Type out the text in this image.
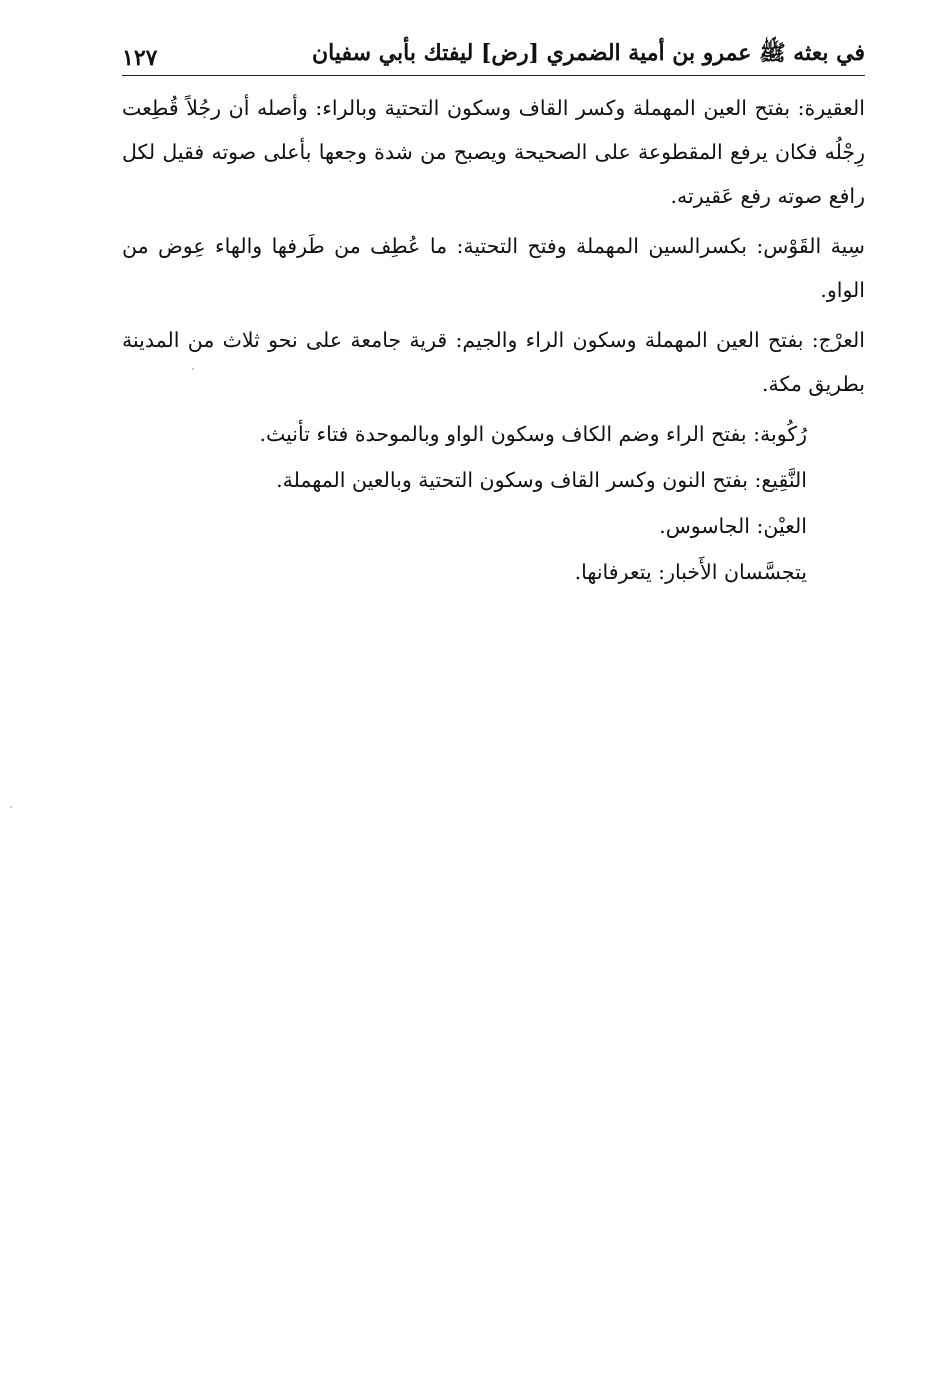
في بعثه ﷺ عمرو بن أمية الضمري [رض] ليفتك بأبي سفيان
١٢٧

العقيرة: بفتح العين المهملة وكسر القاف وسكون التحتية وبالراء: وأصله أن رجُلاً قُطِعت رِجْلُه فكان يرفع المقطوعة على الصحيحة ويصبح من شدة وجعها بأعلى صوته فقيل لكل رافع صوته رفع عَقيرته.

سِية القَوْس: بكسرالسين المهملة وفتح التحتية: ما عُطِف من طَرفها والهاء عِوض من الواو.

العرْج: بفتح العين المهملة وسكون الراء والجيم: قرية جامعة على نحو ثلاث من المدينة بطريق مكة.

رُكُوبة: بفتح الراء وضم الكاف وسكون الواو وبالموحدة فتاء تأنيث.

النَّقِيع: بفتح النون وكسر القاف وسكون التحتية وبالعين المهملة.

العيْن: الجاسوس.

يتجسَّسان الأَخبار: يتعرفانها.
